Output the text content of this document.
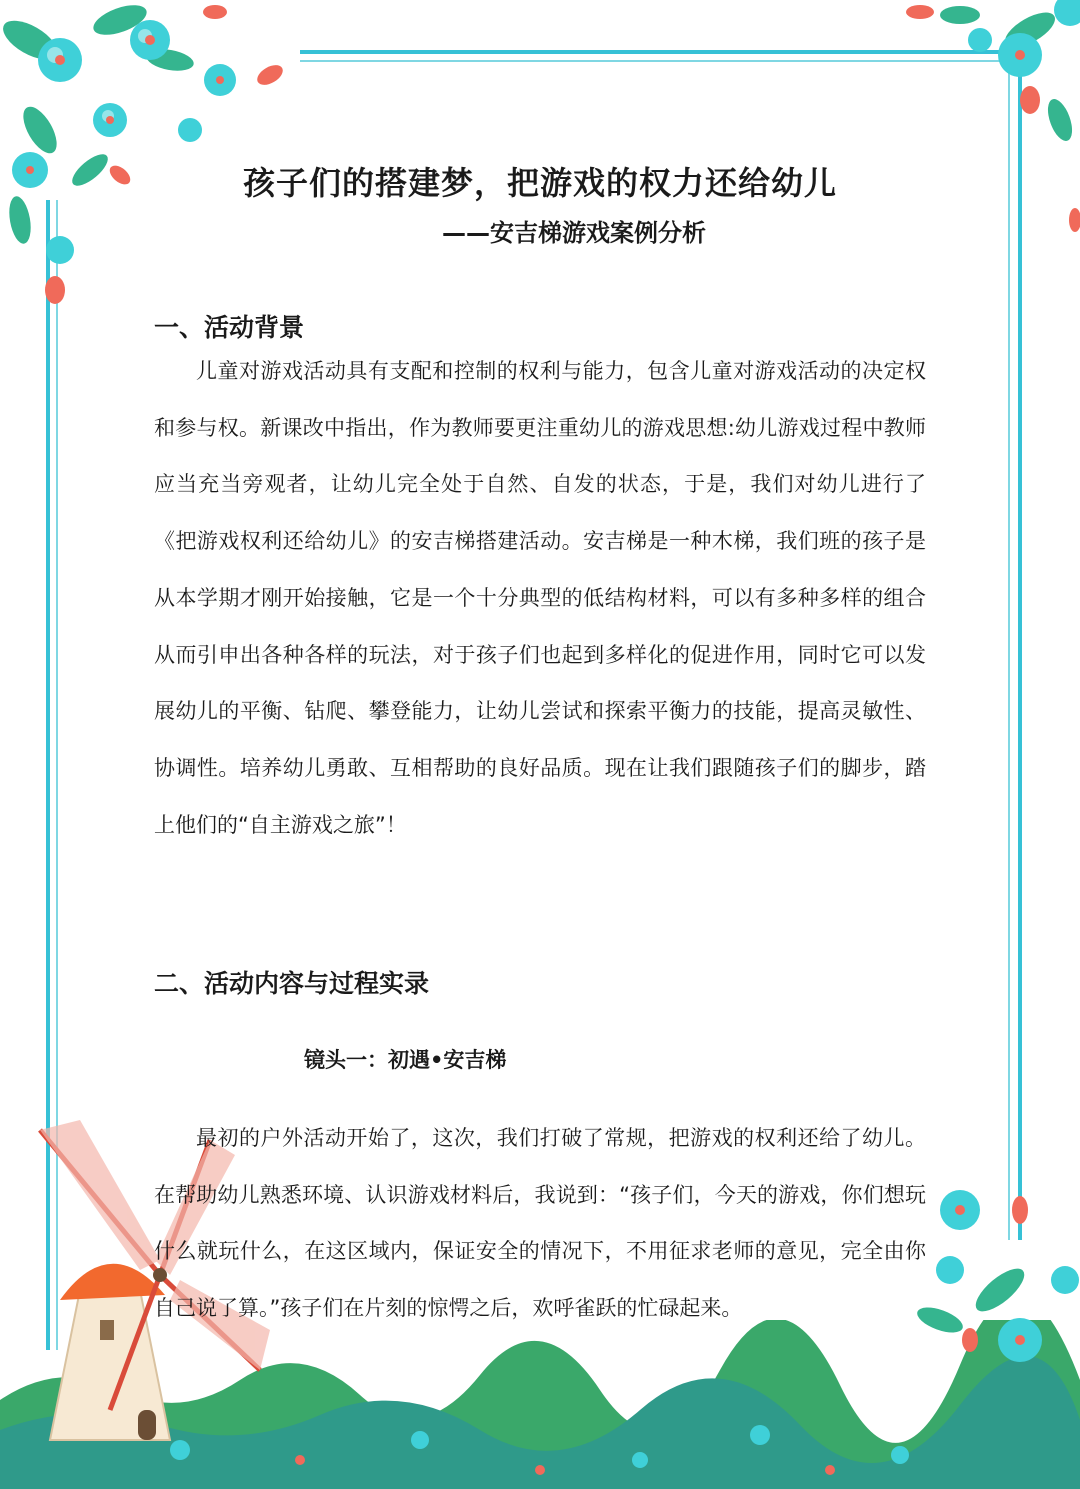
孩子们的搭建梦，把游戏的权力还给幼儿
——安吉梯游戏案例分析
一、活动背景

儿童对游戏活动具有支配和控制的权利与能力，包含儿童对游戏活动的决定权和参与权。新课改中指出，作为教师要更注重幼儿的游戏思想:幼儿游戏过程中教师应当充当旁观者，让幼儿完全处于自然、自发的状态，于是，我们对幼儿进行了《把游戏权利还给幼儿》的安吉梯搭建活动。安吉梯是一种木梯，我们班的孩子是从本学期才刚开始接触，它是一个十分典型的低结构材料，可以有多种多样的组合从而引申出各种各样的玩法，对于孩子们也起到多样化的促进作用，同时它可以发展幼儿的平衡、钻爬、攀登能力，让幼儿尝试和探索平衡力的技能，提高灵敏性、协调性。培养幼儿勇敢、互相帮助的良好品质。现在让我们跟随孩子们的脚步，踏上他们的“自主游戏之旅”！

二、活动内容与过程实录
镜头一：初遇•安吉梯

最初的户外活动开始了，这次，我们打破了常规，把游戏的权利还给了幼儿。在帮助幼儿熟悉环境、认识游戏材料后，我说到：“孩子们，今天的游戏，你们想玩什么就玩什么，在这区域内，保证安全的情况下，不用征求老师的意见，完全由你自己说了算。”孩子们在片刻的惊愕之后，欢呼雀跃的忙碌起来。
